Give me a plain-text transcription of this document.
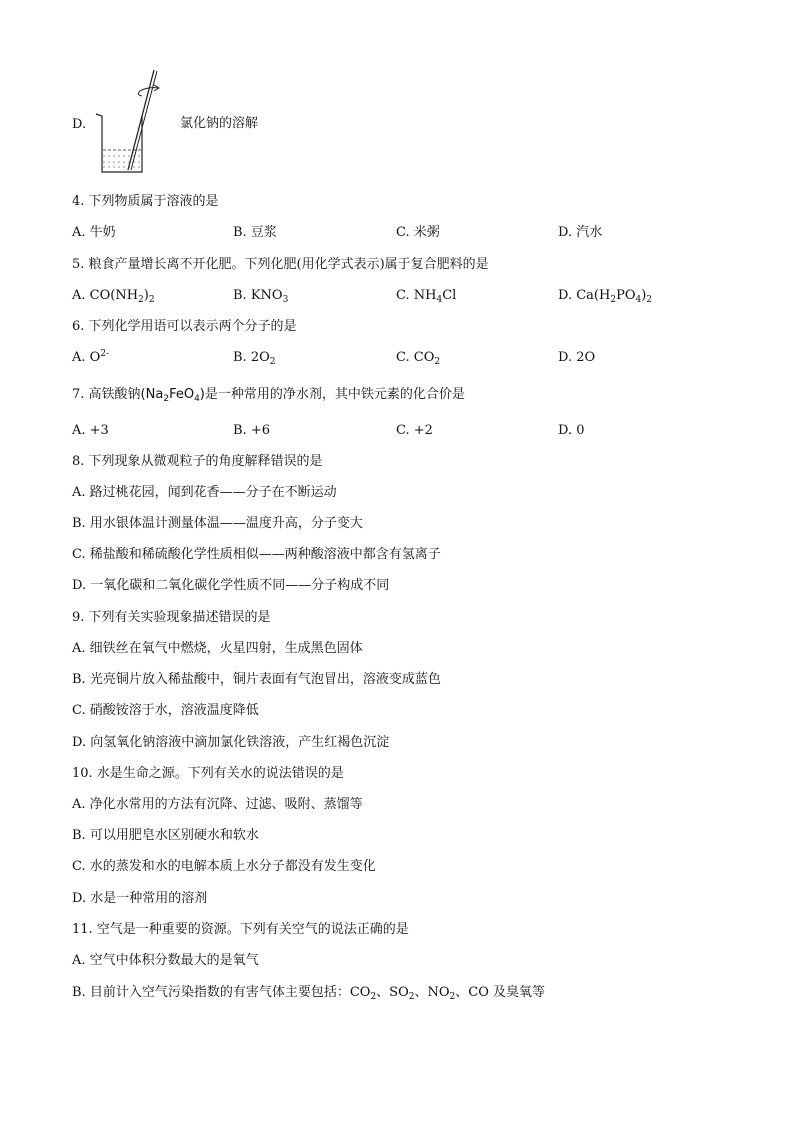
D.	氯化钠的溶解
4. 下列物质属于溶液的是
A. 牛奶	B. 豆浆	C. 米粥	D. 汽水
5. 粮食产量增长离不开化肥。下列化肥(用化学式表示)属于复合肥料的是
A. $CO(NH_2)_2$	B. $KNO_3$	C. $NH_4Cl$	D. $Ca(H_2PO_4)_2$
6. 下列化学用语可以表示两个分子的是
A. $O^{2-}$	B. $2O_2$	C. $CO_2$	D. 2O
7. 高铁酸钠$(Na_2FeO_4)$是一种常用的净水剂，其中铁元素的化合价是
A. +3	B. +6	C. +2	D. 0
8. 下列现象从微观粒子的角度解释错误的是
A. 路过桃花园，闻到花香——分子在不断运动
B. 用水银体温计测量体温——温度升高，分子变大
C. 稀盐酸和稀硫酸化学性质相似——两种酸溶液中都含有氢离子
D. 一氧化碳和二氧化碳化学性质不同——分子构成不同
9. 下列有关实验现象描述错误的是
A. 细铁丝在氧气中燃烧，火星四射，生成黑色固体
B. 光亮铜片放入稀盐酸中，铜片表面有气泡冒出，溶液变成蓝色
C. 硝酸铵溶于水，溶液温度降低
D. 向氢氧化钠溶液中滴加氯化铁溶液，产生红褐色沉淀
10. 水是生命之源。下列有关水的说法错误的是
A. 净化水常用的方法有沉降、过滤、吸附、蒸馏等
B. 可以用肥皂水区别硬水和软水
C. 水的蒸发和水的电解本质上水分子都没有发生变化
D. 水是一种常用的溶剂
11. 空气是一种重要的资源。下列有关空气的说法正确的是
A. 空气中体积分数最大的是氧气
B. 目前计入空气污染指数的有害气体主要包括：$CO_2$、$SO_2$、$NO_2$、CO 及臭氧等
